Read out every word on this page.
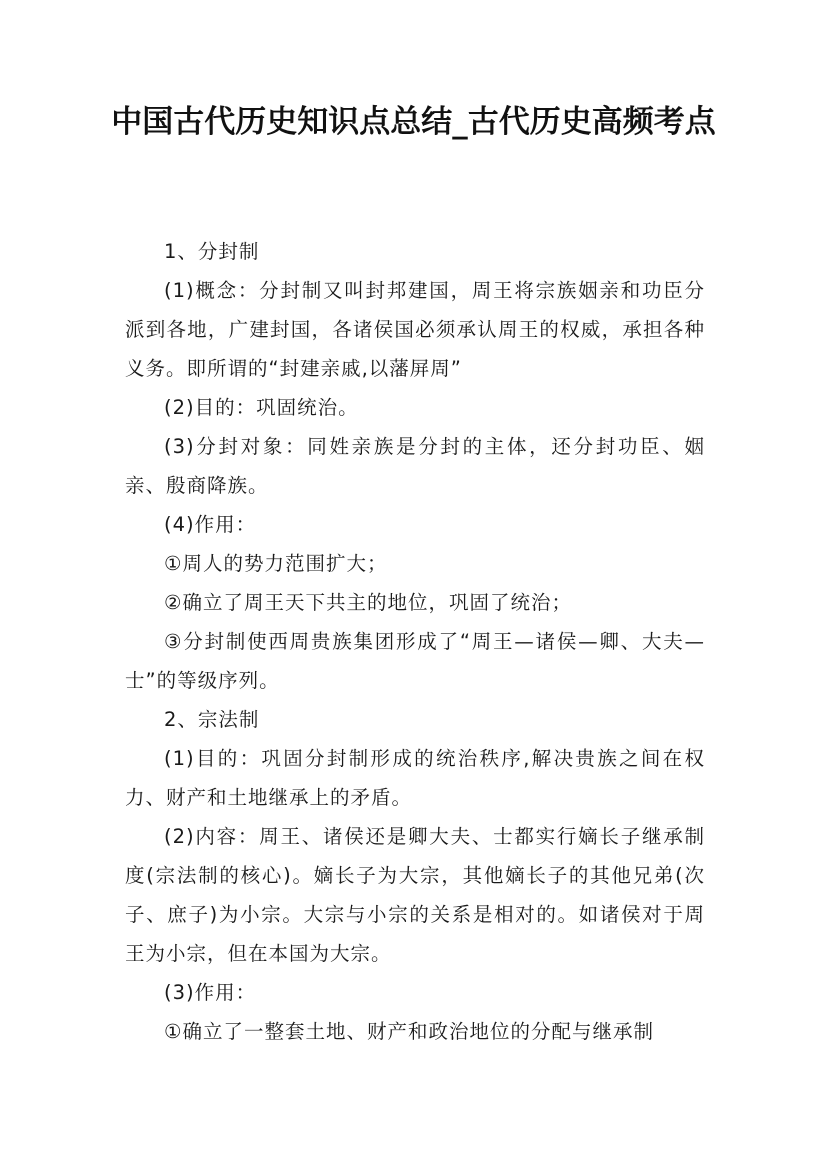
中国古代历史知识点总结_古代历史高频考点

1、分封制

(1)概念：分封制又叫封邦建国，周王将宗族姻亲和功臣分派到各地，广建封国，各诸侯国必须承认周王的权威，承担各种义务。即所谓的“封建亲戚,以藩屏周”

(2)目的：巩固统治。

(3)分封对象：同姓亲族是分封的主体，还分封功臣、姻亲、殷商降族。

(4)作用：

①周人的势力范围扩大；

②确立了周王天下共主的地位，巩固了统治；

③分封制使西周贵族集团形成了“周王—诸侯—卿、大夫—士”的等级序列。

2、宗法制

(1)目的：巩固分封制形成的统治秩序,解决贵族之间在权力、财产和土地继承上的矛盾。

(2)内容：周王、诸侯还是卿大夫、士都实行嫡长子继承制度(宗法制的核心)。嫡长子为大宗，其他嫡长子的其他兄弟(次子、庶子)为小宗。大宗与小宗的关系是相对的。如诸侯对于周王为小宗，但在本国为大宗。

(3)作用：

①确立了一整套土地、财产和政治地位的分配与继承制
